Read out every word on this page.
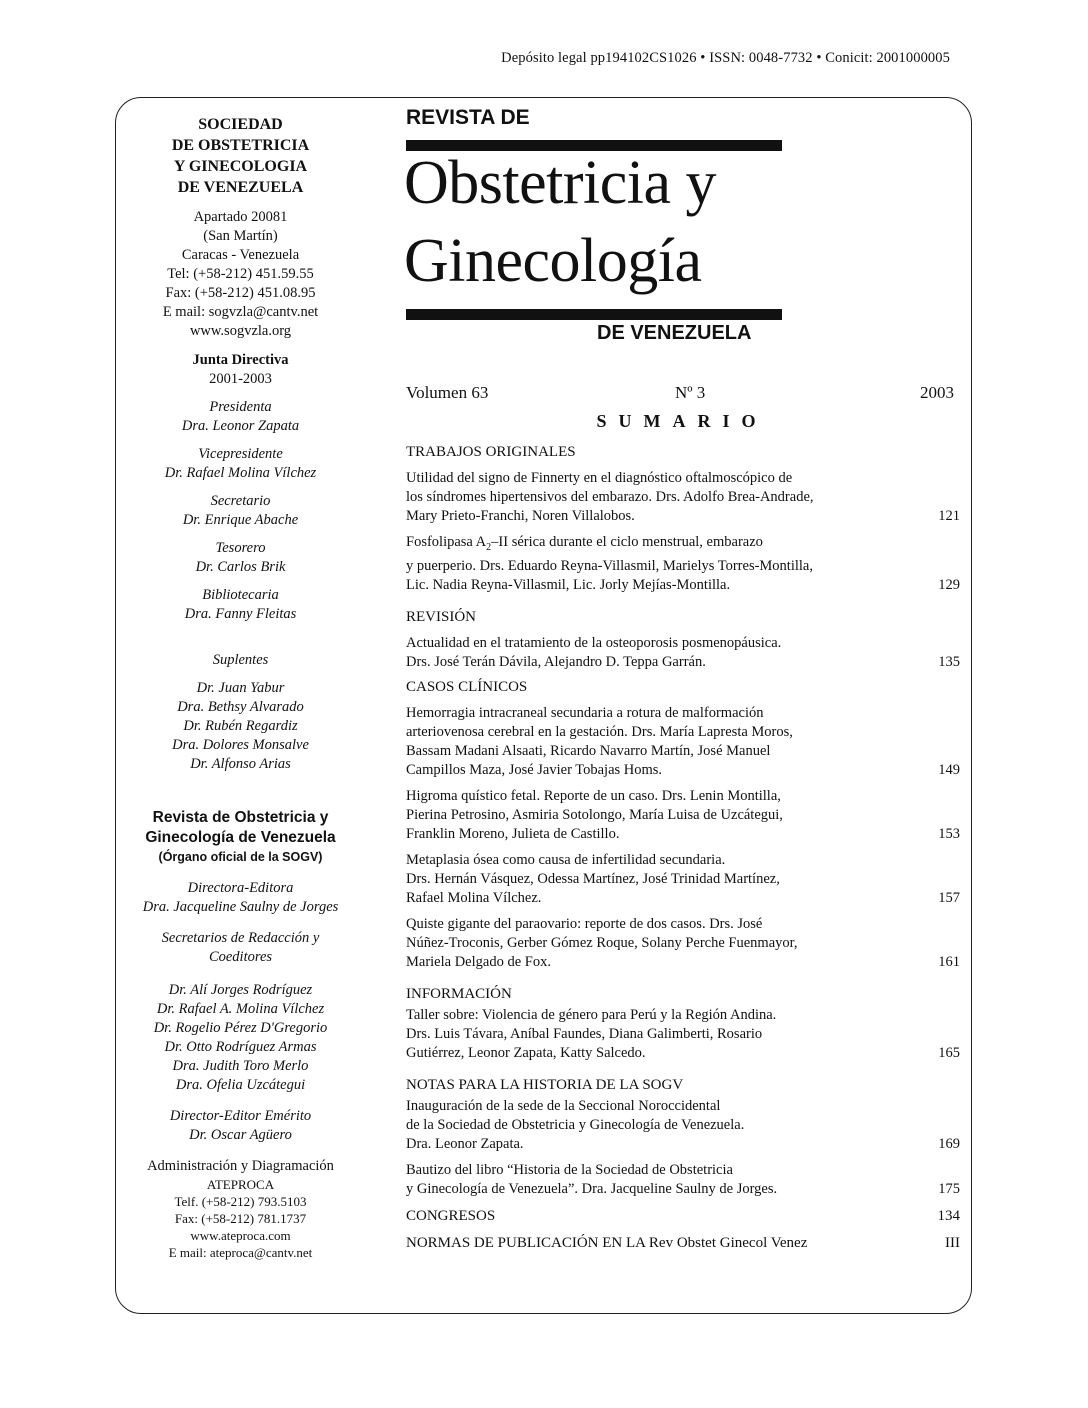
Depósito legal pp194102CS1026 • ISSN: 0048-7732 • Conicit: 2001000005
SOCIEDAD
DE OBSTETRICIA
Y GINECOLOGIA
DE VENEZUELA
Apartado 20081
(San Martín)
Caracas - Venezuela
Tel: (+58-212) 451.59.55
Fax: (+58-212) 451.08.95
E mail: sogvzla@cantv.net
www.sogvzla.org
Junta Directiva
2001-2003
Presidenta
Dra. Leonor Zapata
Vicepresidente
Dr. Rafael Molina Vílchez
Secretario
Dr. Enrique Abache
Tesorero
Dr. Carlos Brik
Bibliotecaria
Dra. Fanny Fleitas
Suplentes
Dr. Juan Yabur
Dra. Bethsy Alvarado
Dr. Rubén Regardiz
Dra. Dolores Monsalve
Dr. Alfonso Arias
Revista de Obstetricia y
Ginecología de Venezuela
(Órgano oficial de la SOGV)
Directora-Editora
Dra. Jacqueline Saulny de Jorges
Secretarios de Redacción y
Coeditores
Dr. Alí Jorges Rodríguez
Dr. Rafael A. Molina Vílchez
Dr. Rogelio Pérez D'Gregorio
Dr. Otto Rodríguez Armas
Dra. Judith Toro Merlo
Dra. Ofelia Uzcátegui
Director-Editor Emérito
Dr. Oscar Agüero
Administración y Diagramación
ATEPROCA
Telf. (+58-212) 793.5103
Fax: (+58-212) 781.1737
www.ateproca.com
E mail: ateproca@cantv.net
REVISTA DE
Obstetricia y
Ginecología
DE VENEZUELA
Volumen 63	Nº 3	2003
SUMARIO
TRABAJOS ORIGINALES
Utilidad del signo de Finnerty en el diagnóstico oftalmoscópico de
los síndromes hipertensivos del embarazo. Drs. Adolfo Brea-Andrade,
Mary Prieto-Franchi, Noren Villalobos.	121
Fosfolipasa $A_2-II$ sérica durante el ciclo menstrual, embarazo
y puerperio. Drs. Eduardo Reyna-Villasmil, Marielys Torres-Montilla,
Lic. Nadia Reyna-Villasmil, Lic. Jorly Mejías-Montilla.	129
REVISIÓN
Actualidad en el tratamiento de la osteoporosis posmenopáusica.
Drs. José Terán Dávila, Alejandro D. Teppa Garrán.	135
CASOS CLÍNICOS
Hemorragia intracraneal secundaria a rotura de malformación
arteriovenosa cerebral en la gestación. Drs. María Lapresta Moros,
Bassam Madani Alsaati, Ricardo Navarro Martín, José Manuel
Campillos Maza, José Javier Tobajas Homs.	149
Higroma quístico fetal. Reporte de un caso. Drs. Lenin Montilla,
Pierina Petrosino, Asmiria Sotolongo, María Luisa de Uzcátegui,
Franklin Moreno, Julieta de Castillo.	153
Metaplasia ósea como causa de infertilidad secundaria.
Drs. Hernán Vásquez, Odessa Martínez, José Trinidad Martínez,
Rafael Molina Vílchez.	157
Quiste gigante del paraovario: reporte de dos casos. Drs. José
Núñez-Troconis, Gerber Gómez Roque, Solany Perche Fuenmayor,
Mariela Delgado de Fox.	161
INFORMACIÓN
Taller sobre: Violencia de género para Perú y la Región Andina.
Drs. Luis Távara, Aníbal Faundes, Diana Galimberti, Rosario
Gutiérrez, Leonor Zapata, Katty Salcedo.	165
NOTAS PARA LA HISTORIA DE LA SOGV
Inauguración de la sede de la Seccional Noroccidental
de la Sociedad de Obstetricia y Ginecología de Venezuela.
Dra. Leonor Zapata.	169
Bautizo del libro “Historia de la Sociedad de Obstetricia
y Ginecología de Venezuela”. Dra. Jacqueline Saulny de Jorges.	175
CONGRESOS	134
NORMAS DE PUBLICACIÓN EN LA Rev Obstet Ginecol Venez	III
